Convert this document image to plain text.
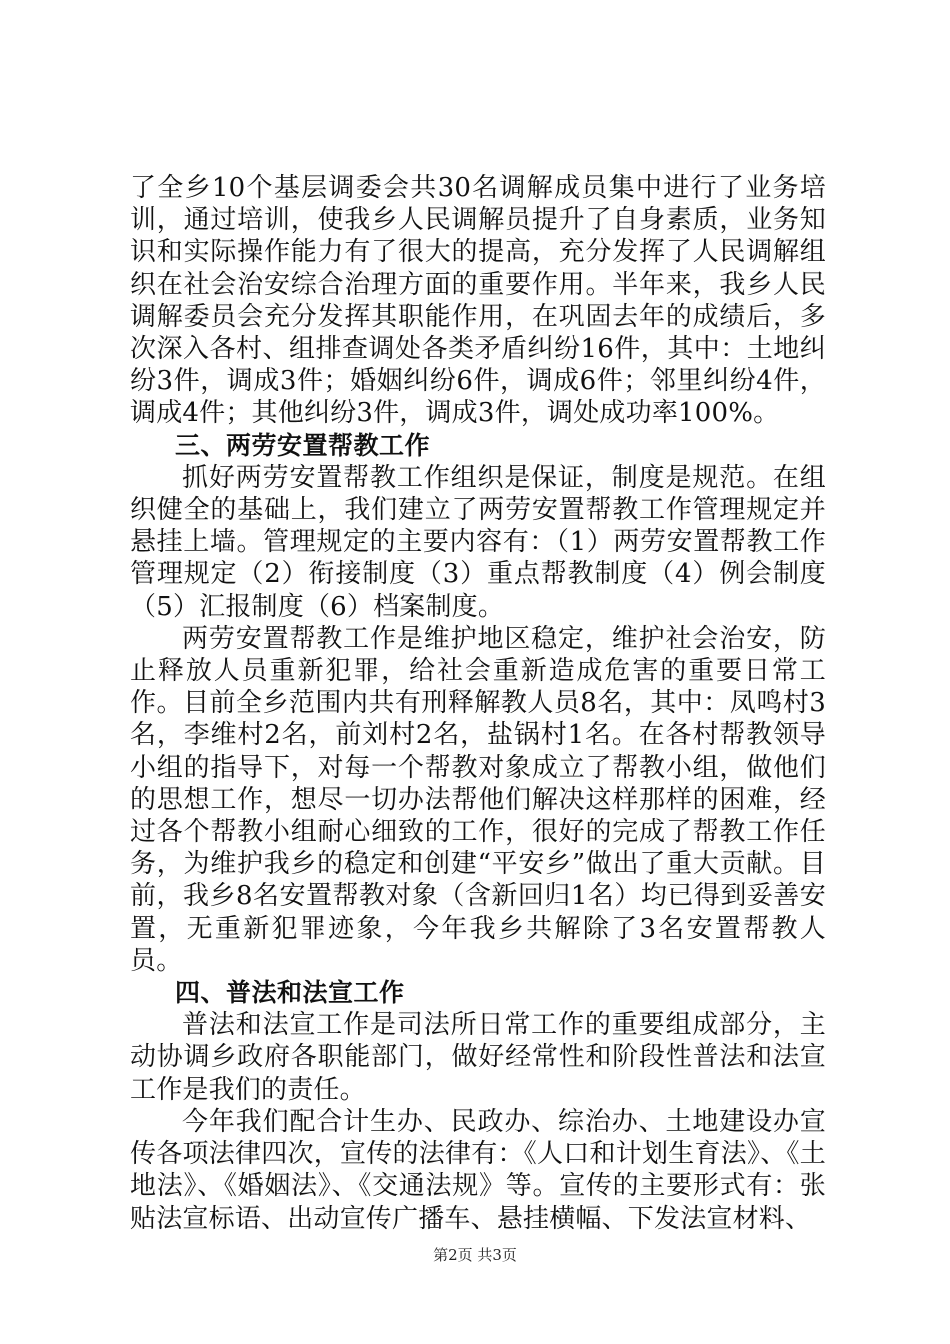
了全乡10个基层调委会共30名调解成员集中进行了业务培训，通过培训，使我乡人民调解员提升了自身素质，业务知识和实际操作能力有了很大的提高，充分发挥了人民调解组织在社会治安综合治理方面的重要作用。半年来，我乡人民调解委员会充分发挥其职能作用，在巩固去年的成绩后，多次深入各村、组排查调处各类矛盾纠纷16件，其中：土地纠纷3件，调成3件；婚姻纠纷6件，调成6件；邻里纠纷4件，调成4件；其他纠纷3件，调成3件，调处成功率100%。

三、两劳安置帮教工作

抓好两劳安置帮教工作组织是保证，制度是规范。在组织健全的基础上，我们建立了两劳安置帮教工作管理规定并悬挂上墙。管理规定的主要内容有：（1）两劳安置帮教工作管理规定（2）衔接制度（3）重点帮教制度（4）例会制度（5）汇报制度（6）档案制度。

两劳安置帮教工作是维护地区稳定，维护社会治安，防止释放人员重新犯罪，给社会重新造成危害的重要日常工作。目前全乡范围内共有刑释解教人员8名，其中：凤鸣村3名，李维村2名，前刘村2名，盐锅村1名。在各村帮教领导小组的指导下，对每一个帮教对象成立了帮教小组，做他们的思想工作，想尽一切办法帮他们解决这样那样的困难，经过各个帮教小组耐心细致的工作，很好的完成了帮教工作任务，为维护我乡的稳定和创建“平安乡”做出了重大贡献。目前，我乡8名安置帮教对象（含新回归1名）均已得到妥善安置，无重新犯罪迹象，今年我乡共解除了3名安置帮教人员。

四、普法和法宣工作

普法和法宣工作是司法所日常工作的重要组成部分，主动协调乡政府各职能部门，做好经常性和阶段性普法和法宣工作是我们的责任。

今年我们配合计生办、民政办、综治办、土地建设办宣传各项法律四次，宣传的法律有：《人口和计划生育法》、《土地法》、《婚姻法》、《交通法规》等。宣传的主要形式有：张贴法宣标语、出动宣传广播车、悬挂横幅、下发法宣材料、

第2页 共3页
